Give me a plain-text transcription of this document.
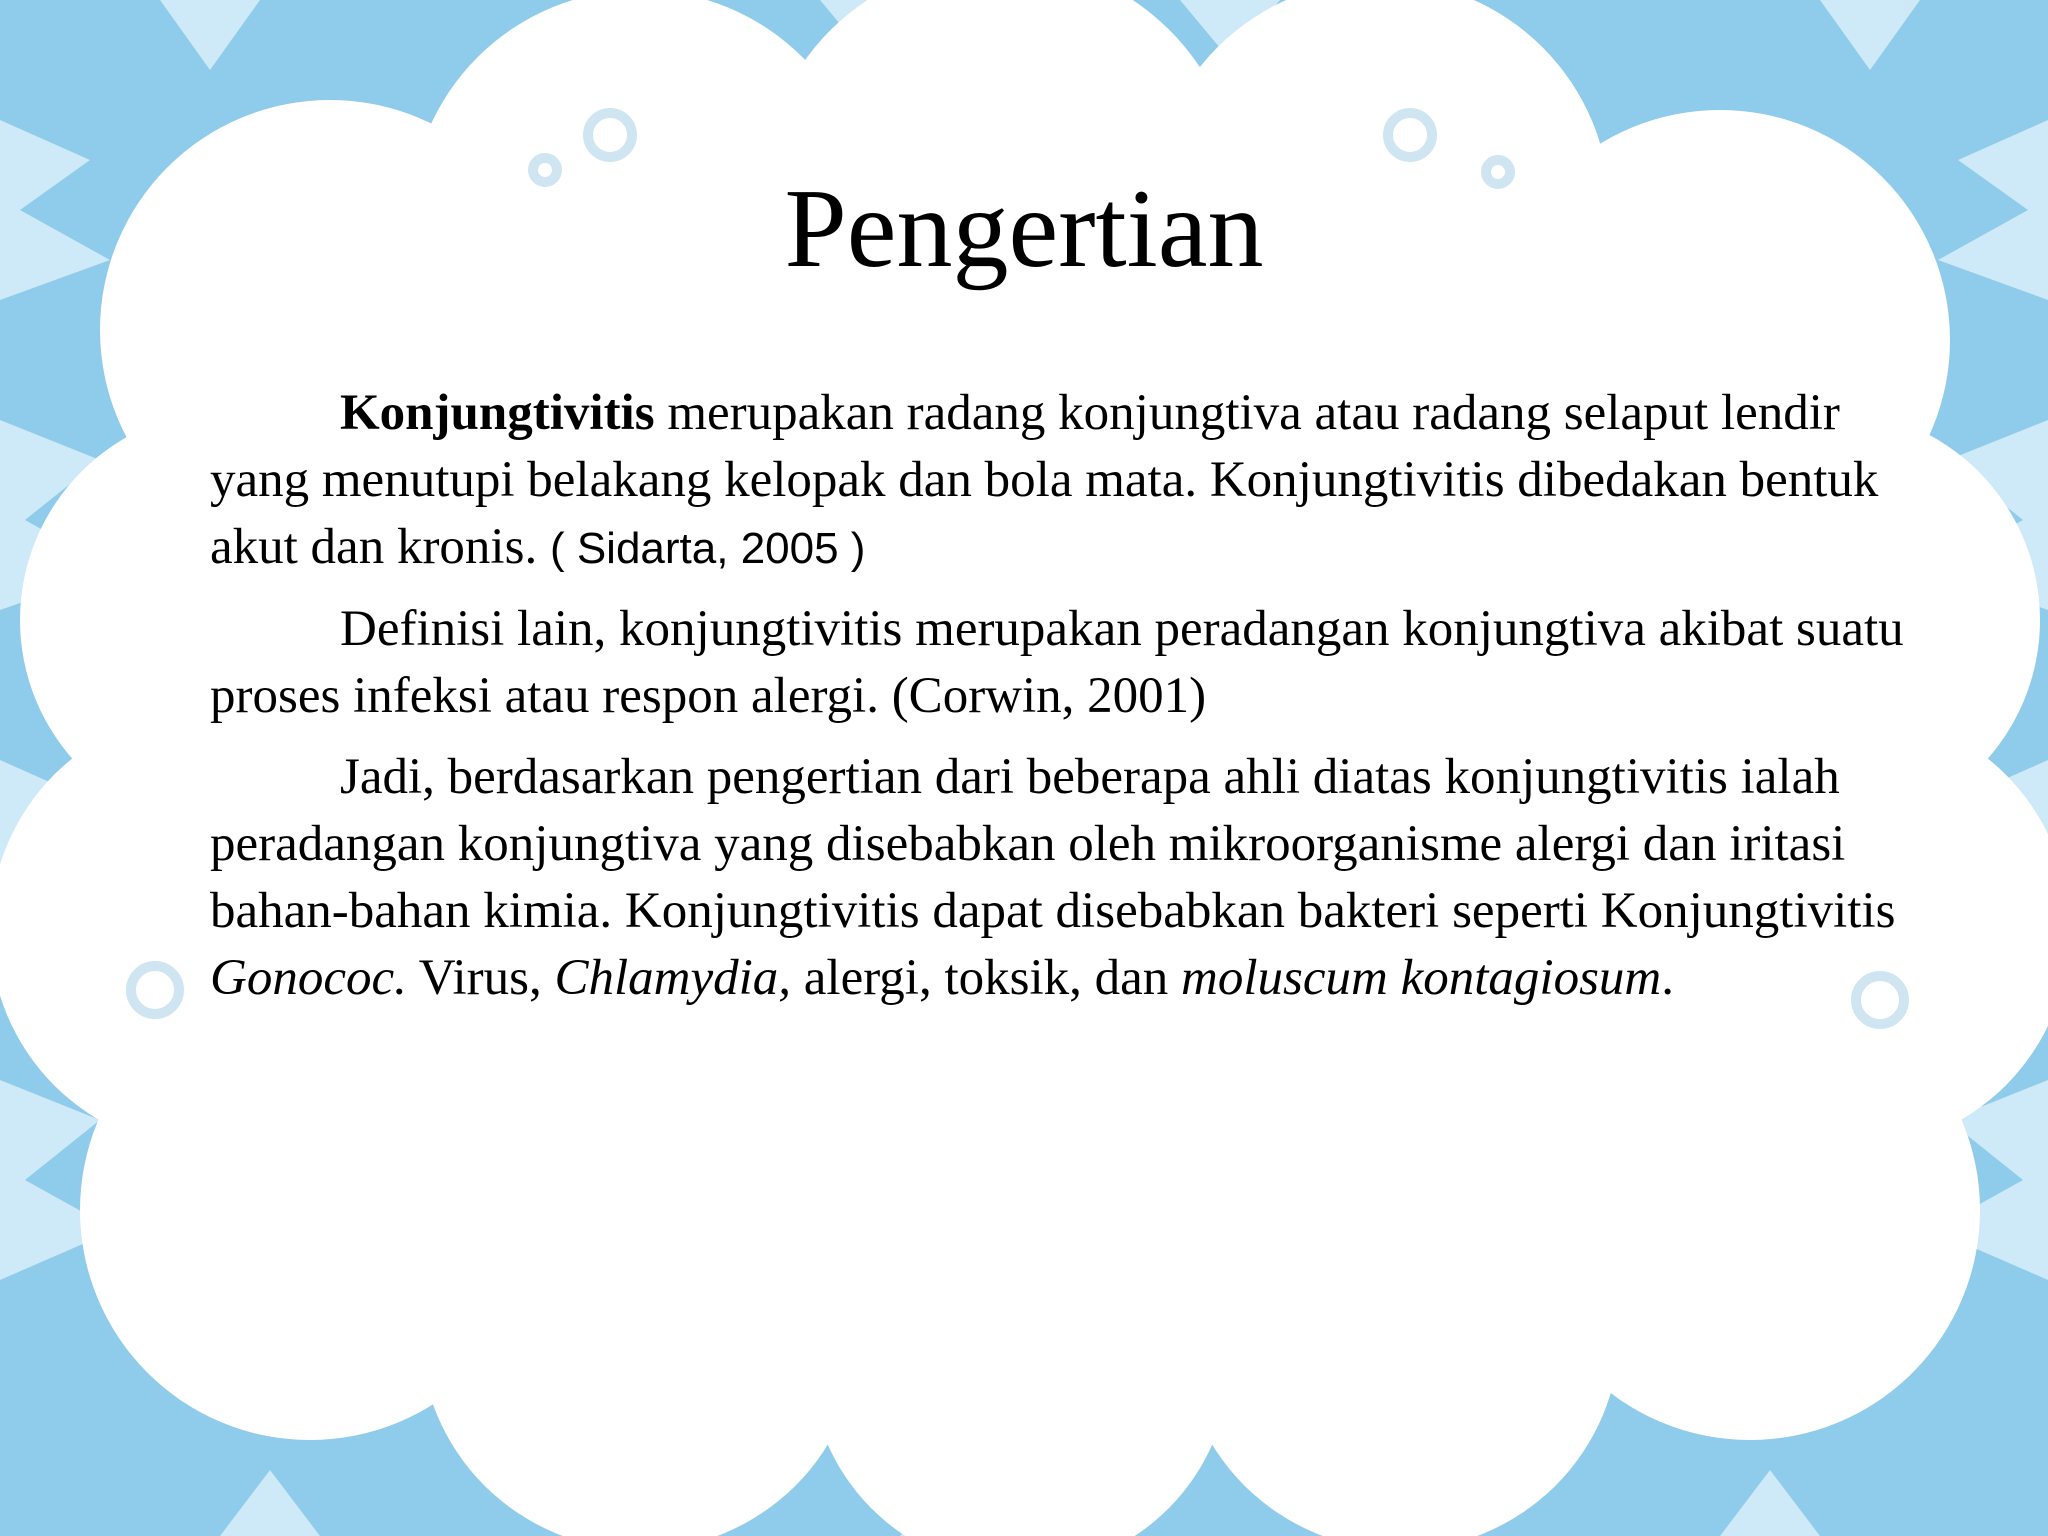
Pengertian

Konjungtivitis merupakan radang konjungtiva atau radang selaput lendir yang menutupi belakang kelopak dan bola mata. Konjungtivitis dibedakan bentuk akut dan kronis. ( Sidarta, 2005 )

Definisi lain, konjungtivitis merupakan peradangan konjungtiva akibat suatu proses infeksi atau respon alergi. (Corwin, 2001)

Jadi, berdasarkan pengertian dari beberapa ahli diatas konjungtivitis ialah peradangan konjungtiva yang disebabkan oleh mikroorganisme alergi dan iritasi bahan-bahan kimia. Konjungtivitis dapat disebabkan bakteri seperti Konjungtivitis Gonococ. Virus, Chlamydia, alergi, toksik, dan moluscum kontagiosum.
